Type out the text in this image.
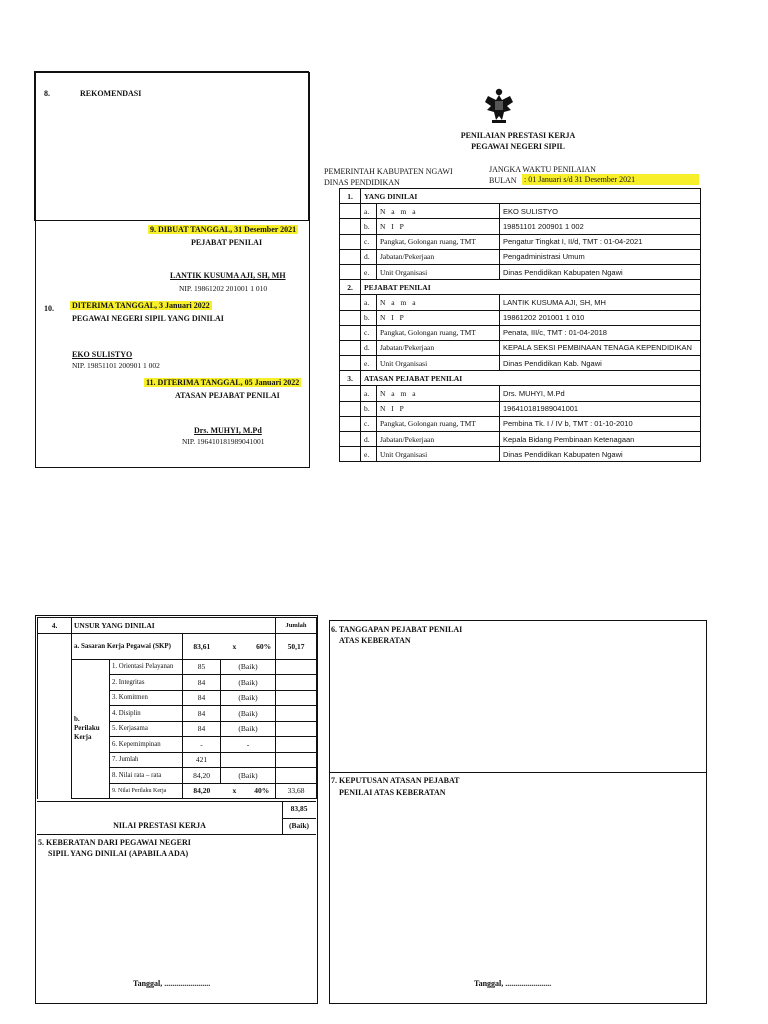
8.	REKOMENDASI
9. DIBUAT TANGGAL, 31 Desember 2021
PEJABAT PENILAI
LANTIK KUSUMA AJI, SH, MH
NIP. 19861202 201001 1 010
10. DITERIMA TANGGAL, 3 Januari 2022
PEGAWAI NEGERI SIPIL YANG DINILAI
EKO SULISTYO
NIP. 19851101 200901 1 002
11. DITERIMA TANGGAL, 05 Januari 2022
ATASAN PEJABAT PENILAI
Drs. MUHYI, M.Pd
NIP. 196410181989041001
PENILAIAN PRESTASI KERJA
PEGAWAI NEGERI SIPIL
PEMERINTAH KABUPATEN NGAWI
DINAS PENDIDIKAN
JANGKA WAKTU PENILAIAN
BULAN : 01 Januari s/d 31 Desember 2021
1.	YANG DINILAI		
	a.	N a m a	EKO SULISTYO
	b.	N I P	19851101 200901 1 002
	c.	Pangkat, Golongan ruang, TMT	Pengatur Tingkat I, II/d, TMT : 01-04-2021
	d.	Jabatan/Pekerjaan	Pengadministrasi Umum
	e.	Unit Organisasi	Dinas Pendidikan Kabupaten Ngawi
2.	PEJABAT PENILAI		
	a.	N a m a	LANTIK KUSUMA AJI, SH, MH
	b.	N I P	19861202 201001 1 010
	c.	Pangkat, Golongan ruang, TMT	Penata, III/c, TMT : 01-04-2018
	d.	Jabatan/Pekerjaan	KEPALA SEKSI PEMBINAAN TENAGA KEPENDIDIKAN
	e.	Unit Organisasi	Dinas Pendidikan Kab. Ngawi
3.	ATASAN PEJABAT PENILAI		
	a.	N a m a	Drs. MUHYI, M.Pd
	b.	N I P	196410181989041001
	c.	Pangkat, Golongan ruang, TMT	Pembina Tk. I / IV b, TMT : 01-10-2010
	d.	Jabatan/Pekerjaan	Kepala Bidang Pembinaan Ketenagaan
	e.	Unit Organisasi	Dinas Pendidikan Kabupaten Ngawi
4.	UNSUR YANG DINILAI				Jumlah
	a. Sasaran Kerja Pegawai (SKP)		83,61	x 60%	50,17
	b. Perilaku Kerja	1. Orientasi Pelayanan	85	(Baik)	
		2. Integritas	84	(Baik)	
		3. Komitmen	84	(Baik)	
		4. Disiplin	84	(Baik)	
		5. Kerjasama	84	(Baik)	
		6. Kepemimpinan	-	-	
		7. Jumlah	421		
		8. Nilai rata – rata	84,20	(Baik)	
		9. Nilai Perilaku Kerja	84,20	x 40%	33,68
83,85
NILAI PRESTASI KERJA	(Baik)
5. KEBERATAN DARI PEGAWAI NEGERI
SIPIL YANG DINILAI (APABILA ADA)
Tanggal, .......................
6. TANGGAPAN PEJABAT PENILAI
ATAS KEBERATAN
7. KEPUTUSAN ATASAN PEJABAT
PENILAI ATAS KEBERATAN
Tanggal, .......................
